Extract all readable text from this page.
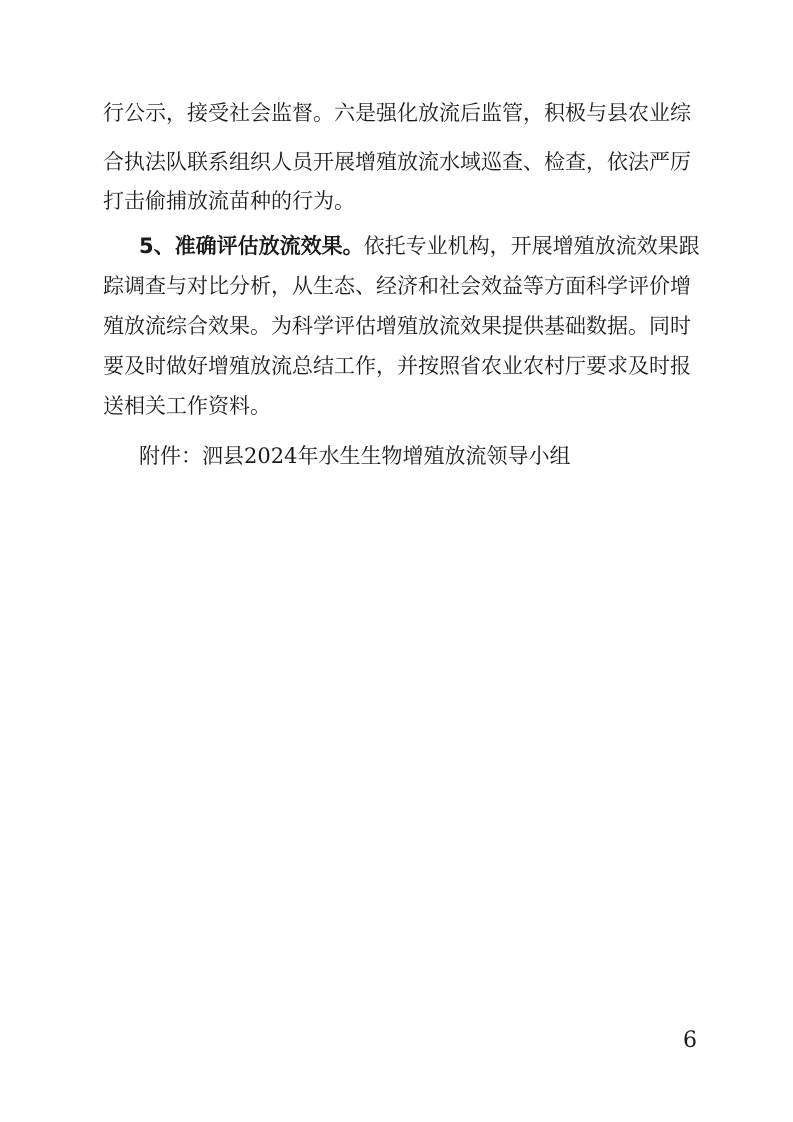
行公示，接受社会监督。六是强化放流后监管，积极与县农业综
合执法队联系组织人员开展增殖放流水域巡查、检查，依法严厉
打击偷捕放流苗种的行为。
5、准确评估放流效果。依托专业机构，开展增殖放流效果跟
踪调查与对比分析，从生态、经济和社会效益等方面科学评价增
殖放流综合效果。为科学评估增殖放流效果提供基础数据。同时
要及时做好增殖放流总结工作，并按照省农业农村厅要求及时报
送相关工作资料。
附件：泗县2024年水生生物增殖放流领导小组
6
